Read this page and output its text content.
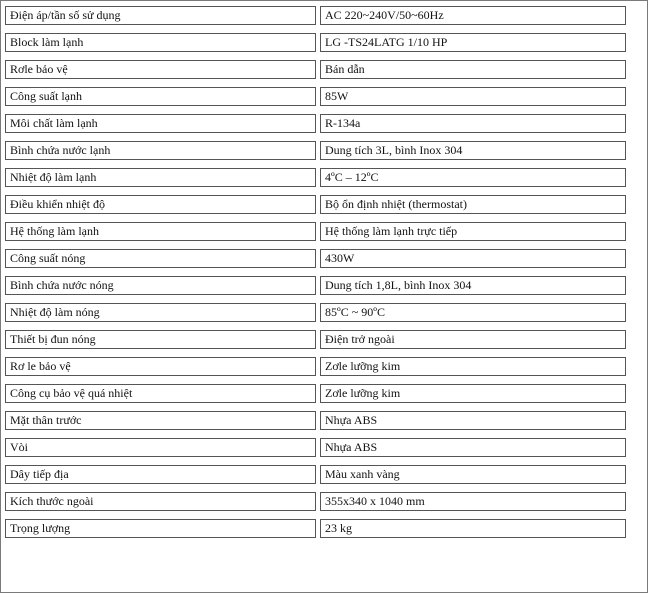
Điện áp/tần số sử dụng	AC 220~240V/50~60Hz
Block làm lạnh	LG -TS24LATG 1/10 HP
Rơle bảo vệ	Bán dẫn
Công suất lạnh	85W
Môi chất làm lạnh	R-134a
Bình chứa nước lạnh	Dung tích 3L, bình Inox 304
Nhiệt độ làm lạnh	4ºC – 12ºC
Điều khiển nhiệt độ	Bộ ổn định nhiệt (thermostat)
Hệ thống làm lạnh	Hệ thống làm lạnh trực tiếp
Công suất nóng	430W
Bình chứa nước nóng	Dung tích 1,8L, bình Inox 304
Nhiệt độ làm nóng	85ºC ~ 90ºC
Thiết bị đun nóng	Điện trở ngoài
Rơ le bảo vệ	Zơle lưỡng kim
Công cụ bảo vệ quá nhiệt	Zơle lưỡng kim
Mặt thân trước	Nhựa ABS
Vòi	Nhựa ABS
Dây tiếp địa	Màu xanh vàng
Kích thước ngoài	355x340 x 1040 mm
Trọng lượng	23 kg
